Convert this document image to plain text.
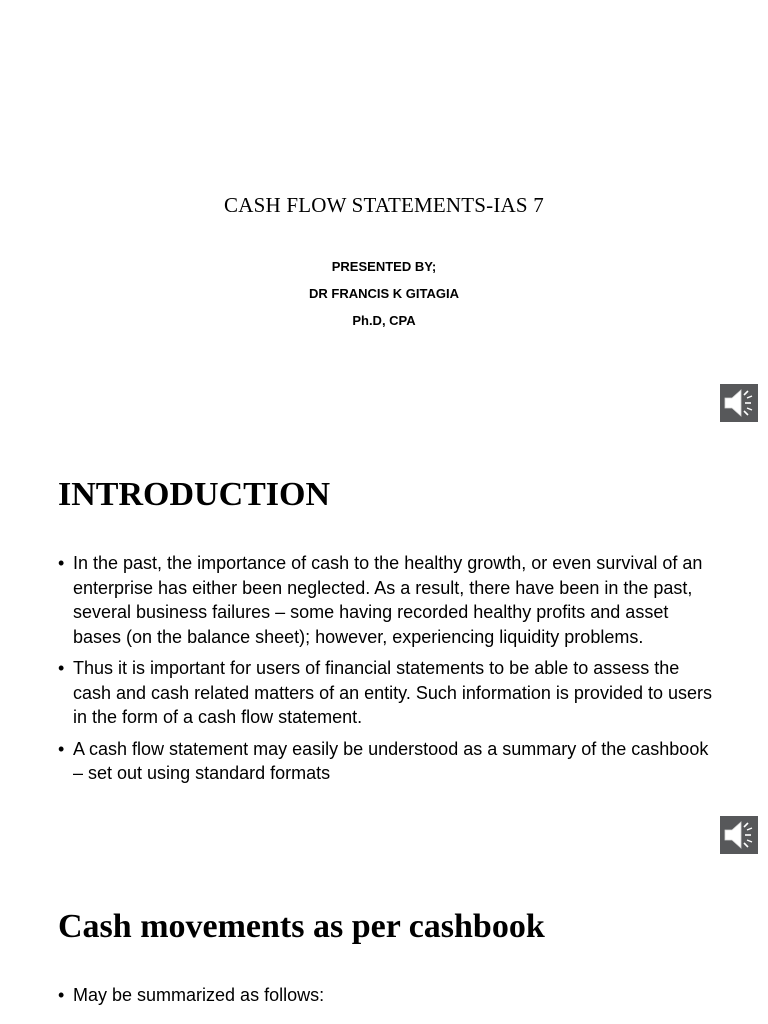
CASH FLOW STATEMENTS-IAS 7
PRESENTED BY;
DR FRANCIS K GITAGIA
Ph.D, CPA
INTRODUCTION
• In the past, the importance of cash to the healthy growth, or even survival of an enterprise has either been neglected. As a result, there have been in the past, several business failures – some having recorded healthy profits and asset bases (on the balance sheet); however, experiencing liquidity problems.
• Thus it is important for users of financial statements to be able to assess the cash and cash related matters of an entity. Such information is provided to users in the form of a cash flow statement.
• A cash flow statement may easily be understood as a summary of the cashbook – set out using standard formats
Cash movements as per cashbook
• May be summarized as follows:
